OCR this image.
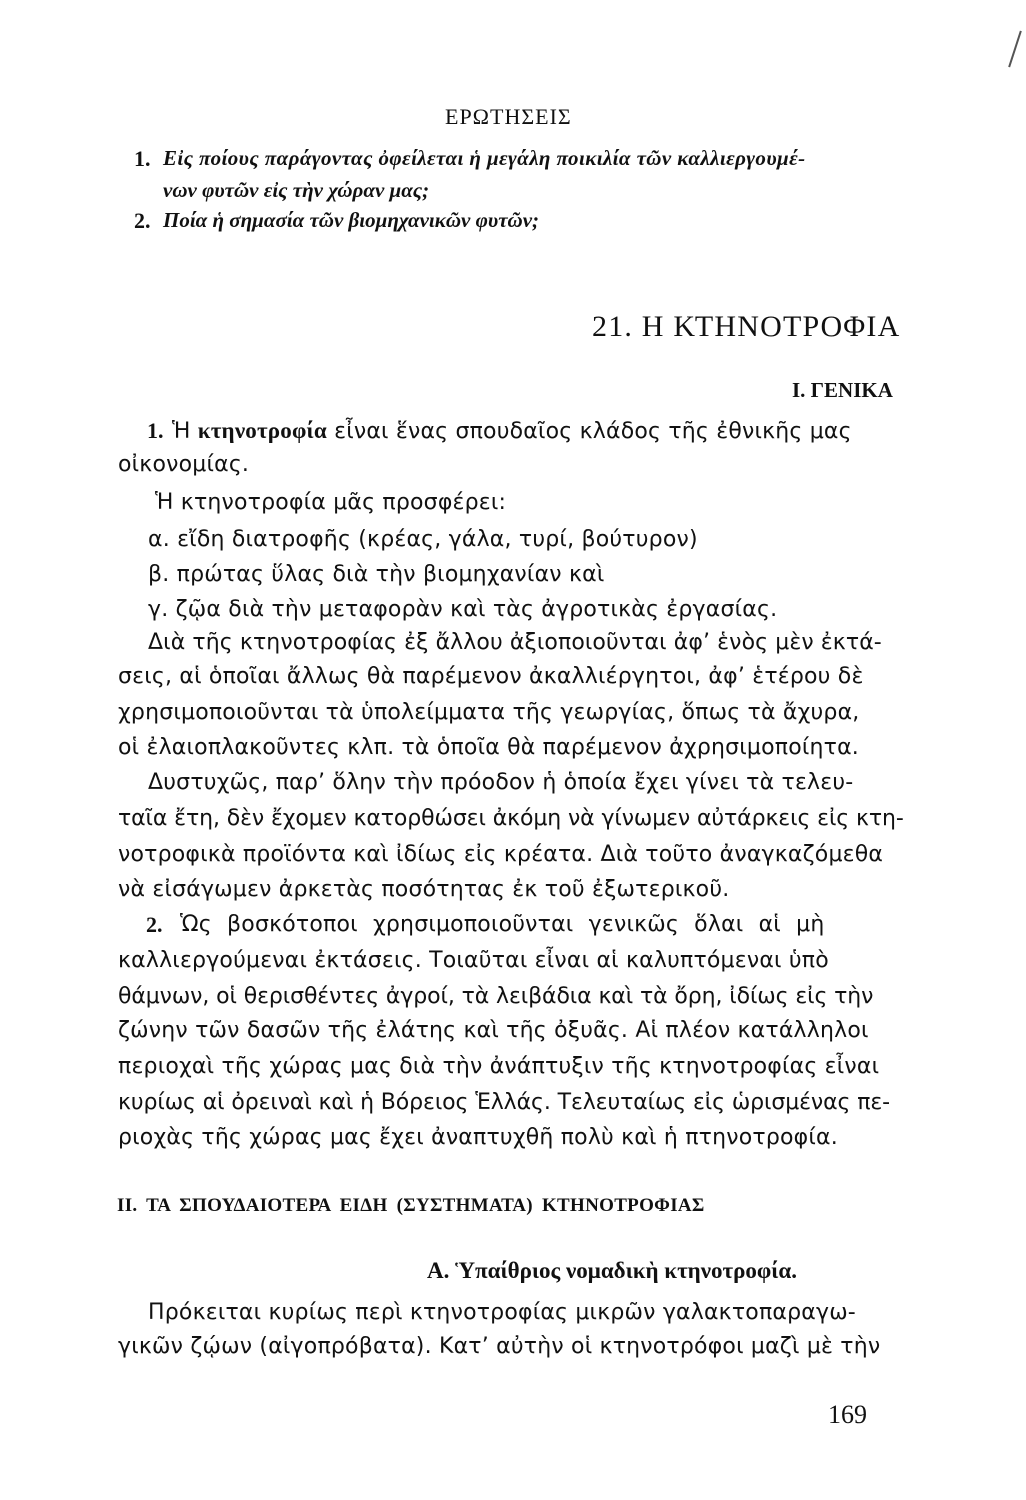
ΕΡΩΤΗΣΕΙΣ
1. Εἰς ποίους παράγοντας ὀφείλεται ἡ μεγάλη ποικιλία τῶν καλλιεργουμέ-
νων φυτῶν εἰς τὴν χώραν μας;
2. Ποία ἡ σημασία τῶν βιομηχανικῶν φυτῶν;
21. Η ΚΤΗΝΟΤΡΟΦΙΑ
Ι. ΓΕΝΙΚΑ
1. Ἡ κτηνοτροφία εἶναι ἕνας σπουδαῖος κλάδος τῆς ἐθνικῆς μας
οἰκονομίας.
Ἡ κτηνοτροφία μᾶς προσφέρει:
α. εἴδη διατροφῆς (κρέας, γάλα, τυρί, βούτυρον)
β. πρώτας ὕλας διὰ τὴν βιομηχανίαν καὶ
γ. ζῷα διὰ τὴν μεταφορὰν καὶ τὰς ἀγροτικὰς ἐργασίας.
Διὰ τῆς κτηνοτροφίας ἐξ ἄλλου ἀξιοποιοῦνται ἀφ’ ἑνὸς μὲν ἐκτά-
σεις, αἱ ὁποῖαι ἄλλως θὰ παρέμενον ἀκαλλιέργητοι, ἀφ’ ἑτέρου δὲ
χρησιμοποιοῦνται τὰ ὑπολείμματα τῆς γεωργίας, ὅπως τὰ ἄχυρα,
οἱ ἐλαιοπλακοῦντες κλπ. τὰ ὁποῖα θὰ παρέμενον ἀχρησιμοποίητα.
Δυστυχῶς, παρ’ ὅλην τὴν πρόοδον ἡ ὁποία ἔχει γίνει τὰ τελευ-
ταῖα ἔτη, δὲν ἔχομεν κατορθώσει ἀκόμη νὰ γίνωμεν αὐτάρκεις εἰς κτη-
νοτροφικὰ προϊόντα καὶ ἰδίως εἰς κρέατα. Διὰ τοῦτο ἀναγκαζόμεθα
νὰ εἰσάγωμεν ἀρκετὰς ποσότητας ἐκ τοῦ ἐξωτερικοῦ.
2. Ὡς βοσκότοποι χρησιμοποιοῦνται γενικῶς ὅλαι αἱ μὴ
καλλιεργούμεναι ἐκτάσεις. Τοιαῦται εἶναι αἱ καλυπτόμεναι ὑπὸ
θάμνων, οἱ θερισθέντες ἀγροί, τὰ λειβάδια καὶ τὰ ὄρη, ἰδίως εἰς τὴν
ζώνην τῶν δασῶν τῆς ἐλάτης καὶ τῆς ὀξυᾶς. Αἱ πλέον κατάλληλοι
περιοχαὶ τῆς χώρας μας διὰ τὴν ἀνάπτυξιν τῆς κτηνοτροφίας εἶναι
κυρίως αἱ ὀρειναὶ καὶ ἡ Βόρειος Ἑλλάς. Τελευταίως εἰς ὡρισμένας πε-
ριοχὰς τῆς χώρας μας ἔχει ἀναπτυχθῆ πολὺ καὶ ἡ πτηνοτροφία.
ΙΙ. ΤΑ ΣΠΟΥΔΑΙΟΤΕΡΑ ΕΙΔΗ (ΣΥΣΤΗΜΑΤΑ) ΚΤΗΝΟΤΡΟΦΙΑΣ
Α. Ὑπαίθριος νομαδικὴ κτηνοτροφία.
Πρόκειται κυρίως περὶ κτηνοτροφίας μικρῶν γαλακτοπαραγω-
γικῶν ζῴων (αἰγοπρόβατα). Κατ’ αὐτὴν οἱ κτηνοτρόφοι μαζὶ μὲ τὴν
169
